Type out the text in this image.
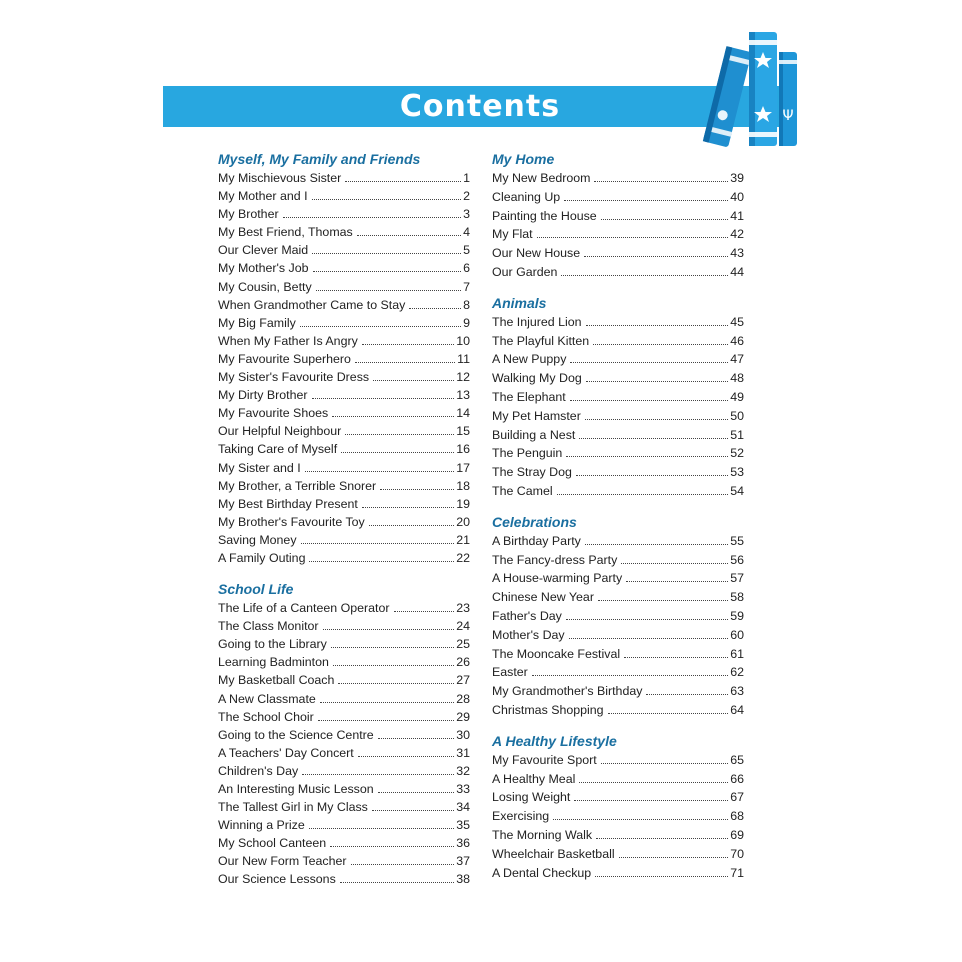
Contents	Ψ
Myself, My Family and Friends
My Mischievous Sister	1
My Mother and I	2
My Brother	3
My Best Friend, Thomas	4
Our Clever Maid	5
My Mother's Job	6
My Cousin, Betty	7
When Grandmother Came to Stay	8
My Big Family	9
When My Father Is Angry	10
My Favourite Superhero	11
My Sister's Favourite Dress	12
My Dirty Brother	13
My Favourite Shoes	14
Our Helpful Neighbour	15
Taking Care of Myself	16
My Sister and I	17
My Brother, a Terrible Snorer	18
My Best Birthday Present	19
My Brother's Favourite Toy	20
Saving Money	21
A Family Outing	22
School Life
The Life of a Canteen Operator	23
The Class Monitor	24
Going to the Library	25
Learning Badminton	26
My Basketball Coach	27
A New Classmate	28
The School Choir	29
Going to the Science Centre	30
A Teachers' Day Concert	31
Children's Day	32
An Interesting Music Lesson	33
The Tallest Girl in My Class	34
Winning a Prize	35
My School Canteen	36
Our New Form Teacher	37
Our Science Lessons	38
My Home
My New Bedroom	39
Cleaning Up	40
Painting the House	41
My Flat	42
Our New House	43
Our Garden	44
Animals
The Injured Lion	45
The Playful Kitten	46
A New Puppy	47
Walking My Dog	48
The Elephant	49
My Pet Hamster	50
Building a Nest	51
The Penguin	52
The Stray Dog	53
The Camel	54
Celebrations
A Birthday Party	55
The Fancy-dress Party	56
A House-warming Party	57
Chinese New Year	58
Father's Day	59
Mother's Day	60
The Mooncake Festival	61
Easter	62
My Grandmother's Birthday	63
Christmas Shopping	64
A Healthy Lifestyle
My Favourite Sport	65
A Healthy Meal	66
Losing Weight	67
Exercising	68
The Morning Walk	69
Wheelchair Basketball	70
A Dental Checkup	71
